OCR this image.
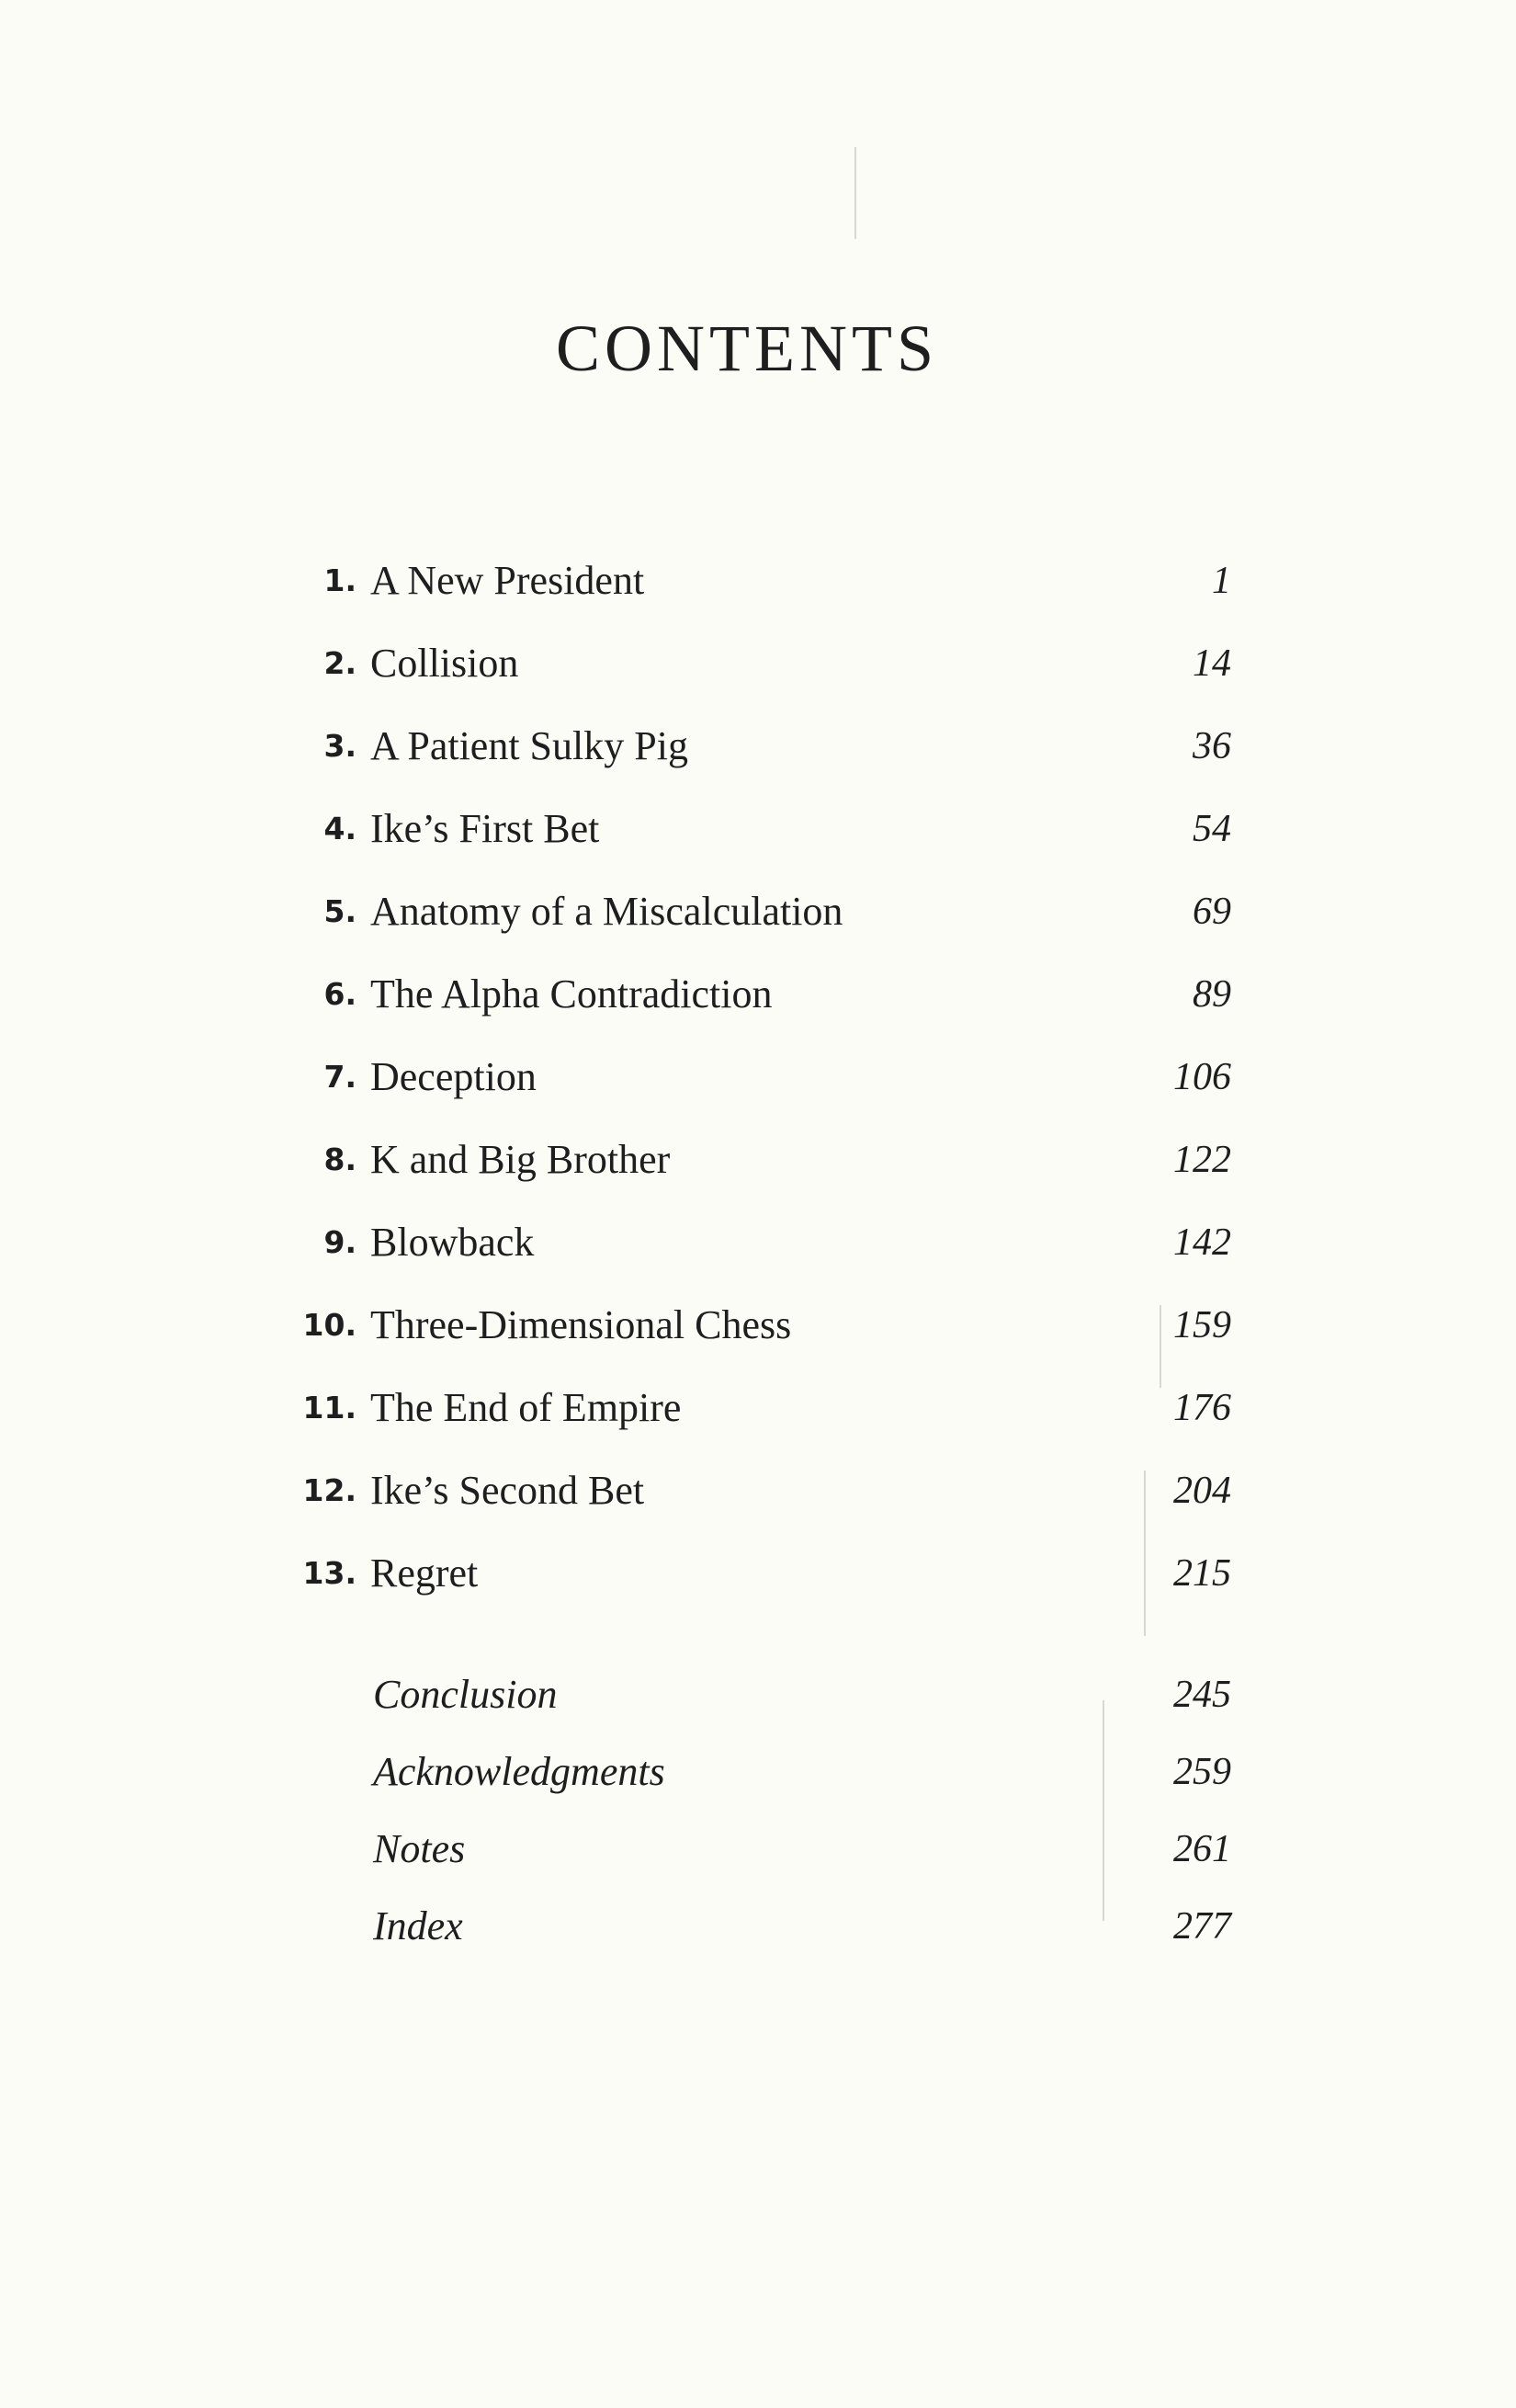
CONTENTS
1. A New President	1
2. Collision	14
3. A Patient Sulky Pig	36
4. Ike’s First Bet	54
5. Anatomy of a Miscalculation	69
6. The Alpha Contradiction	89
7. Deception	106
8. K and Big Brother	122
9. Blowback	142
10. Three-Dimensional Chess	159
11. The End of Empire	176
12. Ike’s Second Bet	204
13. Regret	215
Conclusion	245
Acknowledgments	259
Notes	261
Index	277
